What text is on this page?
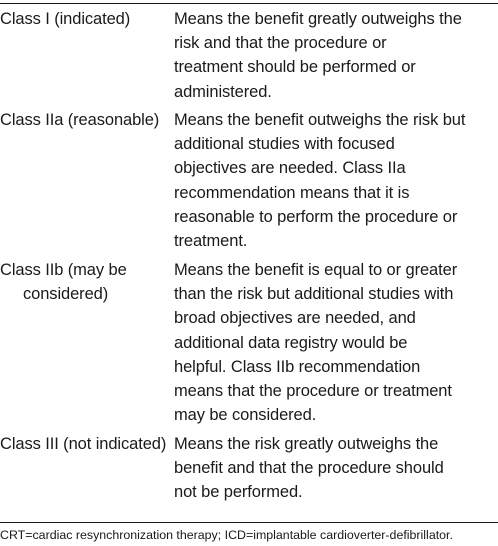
Class I (indicated)	Means the benefit greatly outweighs the
risk and that the procedure or
treatment should be performed or
administered.
Class IIa (reasonable) Means the benefit outweighs the risk but
additional studies with focused
objectives are needed. Class IIa
recommendation means that it is
reasonable to perform the procedure or
treatment.
Class IIb (may be considered)
Means the benefit is equal to or greater
than the risk but additional studies with
broad objectives are needed, and
additional data registry would be
helpful. Class IIb recommendation
means that the procedure or treatment
may be considered.
Class III (not indicated) Means the risk greatly outweighs the
benefit and that the procedure should
not be performed.
CRT=cardiac resynchronization therapy; ICD=implantable cardioverter-defibrillator.
